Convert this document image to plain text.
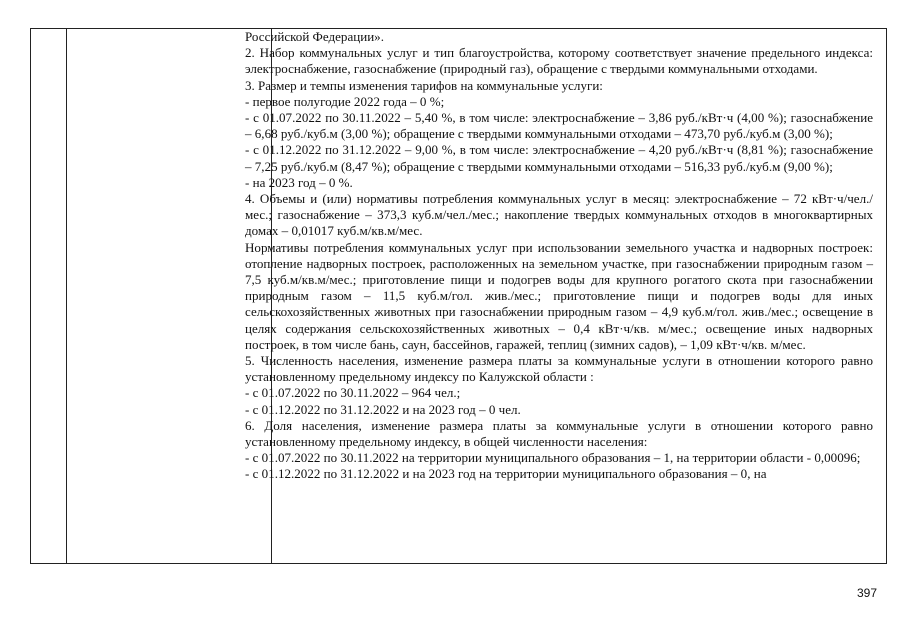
Российской Федерации».

2. Набор коммунальных услуг и тип благоустройства, которому соответствует значение предельного индекса: электроснабжение, газоснабжение (природный газ), обращение с твердыми коммунальными отходами.

3. Размер и темпы изменения тарифов на коммунальные услуги:

- первое полугодие 2022 года – 0 %;

- с 01.07.2022 по 30.11.2022 – 5,40 %, в том числе: электроснабжение – 3,86 руб./кВт·ч (4,00 %); газоснабжение – 6,68 руб./куб.м (3,00 %); обращение с твердыми коммунальными отходами – 473,70 руб./куб.м (3,00 %);

- с 01.12.2022 по 31.12.2022 – 9,00 %, в том числе: электроснабжение – 4,20 руб./кВт·ч (8,81 %); газоснабжение – 7,25 руб./куб.м (8,47 %); обращение с твердыми коммунальными отходами – 516,33 руб./куб.м (9,00 %);

- на 2023 год – 0 %.

4. Объемы и (или) нормативы потребления коммунальных услуг в месяц: электроснабжение – 72 кВт·ч/чел./мес.; газоснабжение – 373,3 куб.м/чел./мес.; накопление твердых коммунальных отходов в многоквартирных домах – 0,01017 куб.м/кв.м/мес.

Нормативы потребления коммунальных услуг при использовании земельного участка и надворных построек: отопление надворных построек, расположенных на земельном участке, при газоснабжении природным газом – 7,5 куб.м/кв.м/мес.; приготовление пищи и подогрев воды для крупного рогатого скота при газоснабжении природным газом – 11,5 куб.м/гол. жив./мес.; приготовление пищи и подогрев воды для иных сельскохозяйственных животных при газоснабжении природным газом – 4,9 куб.м/гол. жив./мес.; освещение в целях содержания сельскохозяйственных животных – 0,4 кВт·ч/кв. м/мес.; освещение иных надворных построек, в том числе бань, саун, бассейнов, гаражей, теплиц (зимних садов), – 1,09 кВт·ч/кв. м/мес.

5. Численность населения, изменение размера платы за коммунальные услуги в отношении которого равно установленному предельному индексу по Калужской области :

- с 01.07.2022 по 30.11.2022 – 964 чел.;

- с 01.12.2022 по 31.12.2022 и на 2023 год – 0 чел.

6. Доля населения, изменение размера платы за коммунальные услуги в отношении которого равно установленному предельному индексу, в общей численности населения:

- с 01.07.2022 по 30.11.2022 на территории муниципального образования – 1, на территории области - 0,00096;

- с 01.12.2022 по 31.12.2022 и на 2023 год на территории муниципального образования – 0, на

397
